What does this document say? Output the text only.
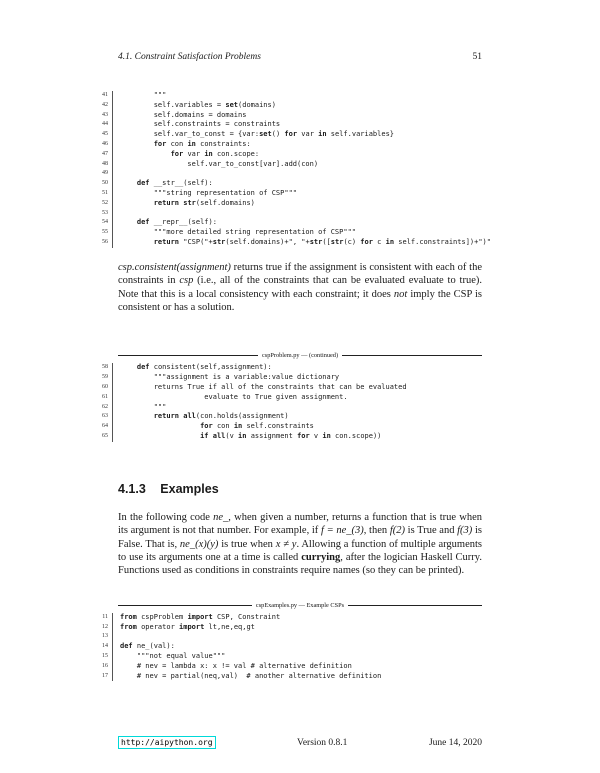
4.1. Constraint Satisfaction Problems	51
41	"""
42	self.variables = set(domains)
43	self.domains = domains
44	self.constraints = constraints
45	self.var_to_const = {var:set() for var in self.variables}
46	for con in constraints:
47	for var in con.scope:
48	self.var_to_const[var].add(con)
49
50	def __str__(self):
51	"""string representation of CSP"""
52	return str(self.domains)
53
54	def __repr__(self):
55	"""more detailed string representation of CSP"""
56	return "CSP("+str(self.domains)+", "+str([str(c) for c in self.constraints])+")"

csp.consistent(assignment) returns true if the assignment is consistent with each of the constraints in csp (i.e., all of the constraints that can be evaluated evaluate to true). Note that this is a local consistency with each constraint; it does not imply the CSP is consistent or has a solution.

cspProblem.py — (continued)
58	def consistent(self,assignment):
59	"""assignment is a variable:value dictionary
60	returns True if all of the constraints that can be evaluated
61	evaluate to True given assignment.
62	"""
63	return all(con.holds(assignment)
64	for con in self.constraints
65	if all(v in assignment for v in con.scope))
4.1.3 Examples

In the following code ne_, when given a number, returns a function that is true when its argument is not that number. For example, if f = ne_(3), then f(2) is True and f(3) is False. That is, ne_(x)(y) is true when x ≠ y. Allowing a function of multiple arguments to use its arguments one at a time is called currying, after the logician Haskell Curry. Functions used as conditions in constraints require names (so they can be printed).

cspExamples.py — Example CSPs
11	from cspProblem import CSP, Constraint
12	from operator import lt,ne,eq,gt
13
14	def ne_(val):
15	"""not equal value"""
16	# nev = lambda x: x != val # alternative definition
17	# nev = partial(neq,val)  # another alternative definition
http://aipython.org	Version 0.8.1	June 14, 2020
